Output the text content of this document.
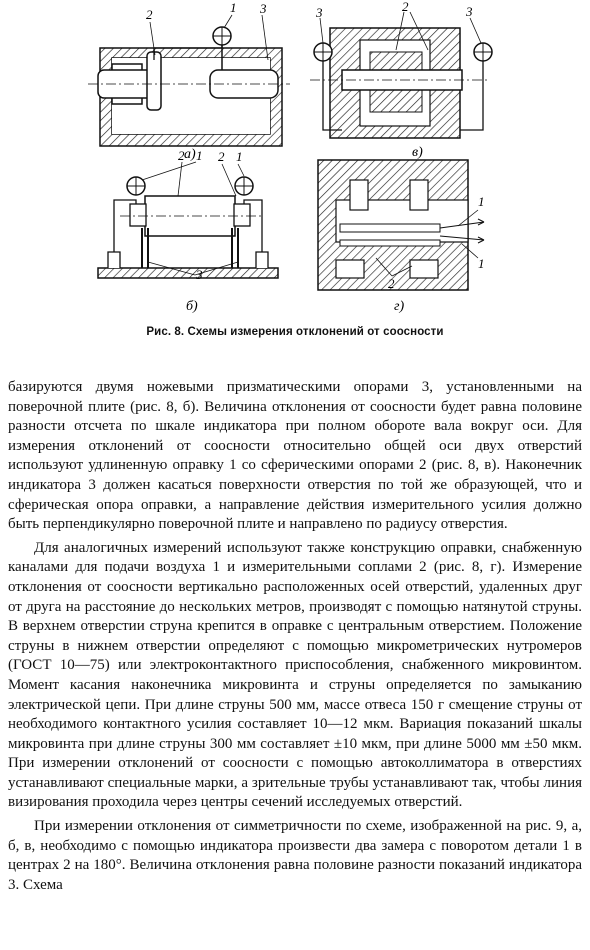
2	1 3
а)
3	2	3
в)
2 1 2 1
3
б)
1
1
2
г)
Рис. 8. Схемы измерения отклонений от соосности

базируются двумя ножевыми призматическими опорами 3, установленными на поверочной плите (рис. 8, б). Величина отклонения от соосности будет равна половине разности отсчета по шкале индикатора при полном обороте вала вокруг оси. Для измерения отклонений от соосности относительно общей оси двух отверстий используют удлиненную оправку 1 со сферическими опорами 2 (рис. 8, в). Наконечник индикатора 3 должен касаться поверхности отверстия по той же образующей, что и сферическая опора оправки, а направление действия измерительного усилия должно быть перпендикулярно поверочной плите и направлено по радиусу отверстия.

Для аналогичных измерений используют также конструкцию оправки, снабженную каналами для подачи воздуха 1 и измерительными соплами 2 (рис. 8, г). Измерение отклонения от соосности вертикально расположенных осей отверстий, удаленных друг от друга на расстояние до нескольких метров, производят с помощью натянутой струны. В верхнем отверстии струна крепится в оправке с центральным отверстием. Положение струны в нижнем отверстии определяют с помощью микрометрических нутромеров (ГОСТ 10—75) или электроконтактного приспособления, снабженного микровинтом. Момент касания наконечника микровинта и струны определяется по замыканию электрической цепи. При длине струны 500 мм, массе отвеса 150 г смещение струны от необходимого контактного усилия составляет 10—12 мкм. Вариация показаний шкалы микровинта при длине струны 300 мм составляет ±10 мкм, при длине 5000 мм ±50 мкм. При измерении отклонений от соосности с помощью автоколлиматора в отверстиях устанавливают специальные марки, а зрительные трубы устанавливают так, чтобы линия визирования проходила через центры сечений исследуемых отверстий.

При измерении отклонения от симметричности по схеме, изображенной на рис. 9, а, б, в, необходимо с помощью индикатора произвести два замера с поворотом детали 1 в центрах 2 на 180°. Величина отклонения равна половине разности показаний индикатора 3. Схема
